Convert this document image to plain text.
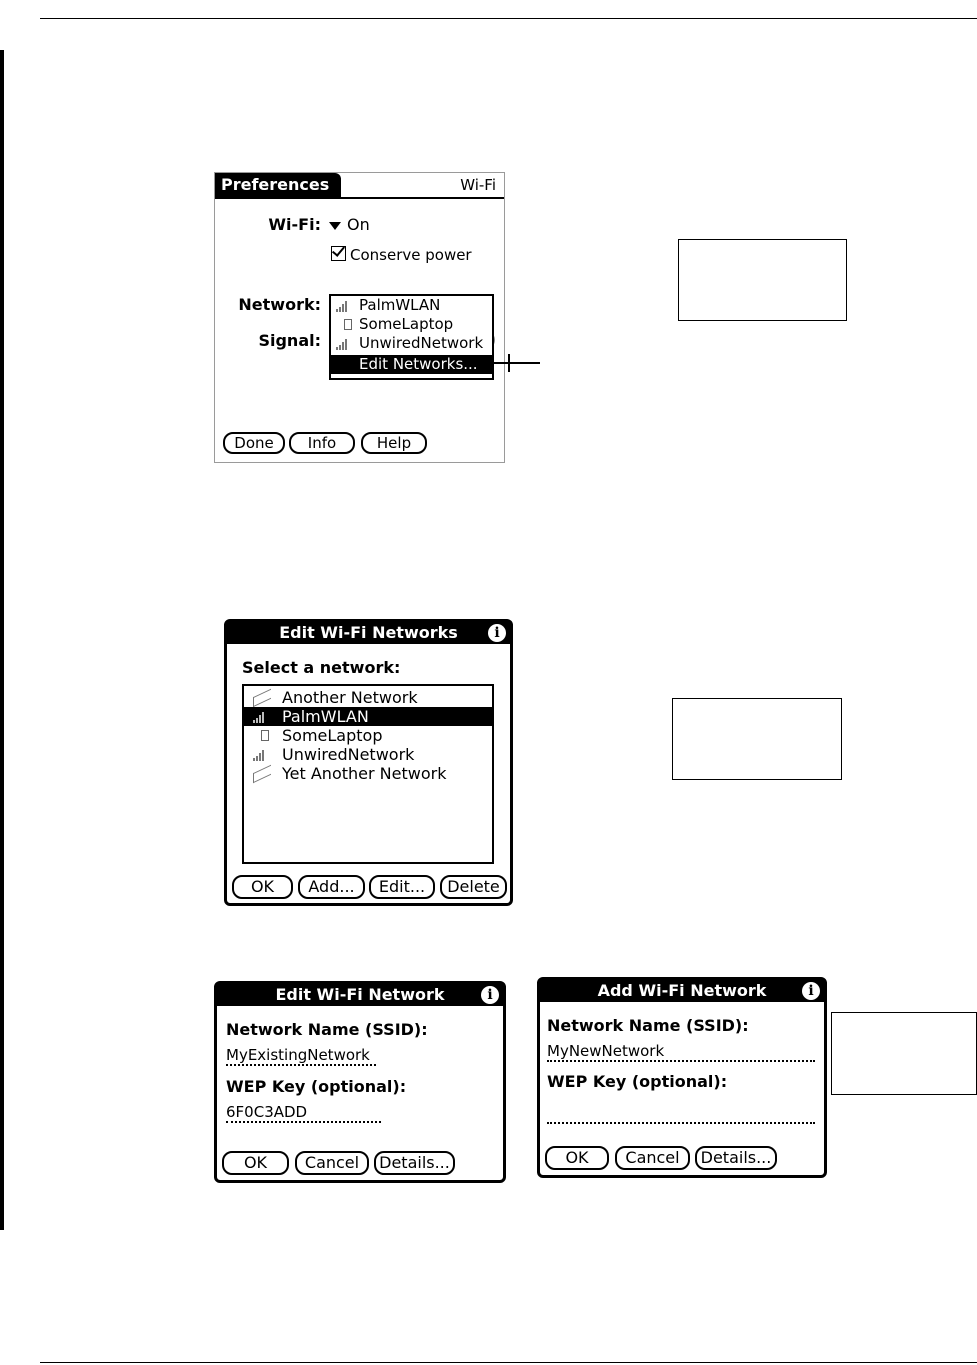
Preferences	Wi-Fi
Wi-Fi:	On
Conserve power
Network:
Signal:
PalmWLAN
SomeLaptop
UnwiredNetwork
Edit Networks...
Done	Info	Help
Edit Wi-Fi Networks	i
Select a network:
Another Network
PalmWLAN
SomeLaptop
UnwiredNetwork
Yet Another Network
OK	Add...	Edit...	Delete
Edit Wi-Fi Network	i
Network Name (SSID):
MyExistingNetwork
WEP Key (optional):
6F0C3ADD
OK	Cancel	Details...
Add Wi-Fi Network	i
Network Name (SSID):
MyNewNetwork
WEP Key (optional):
OK	Cancel	Details...
